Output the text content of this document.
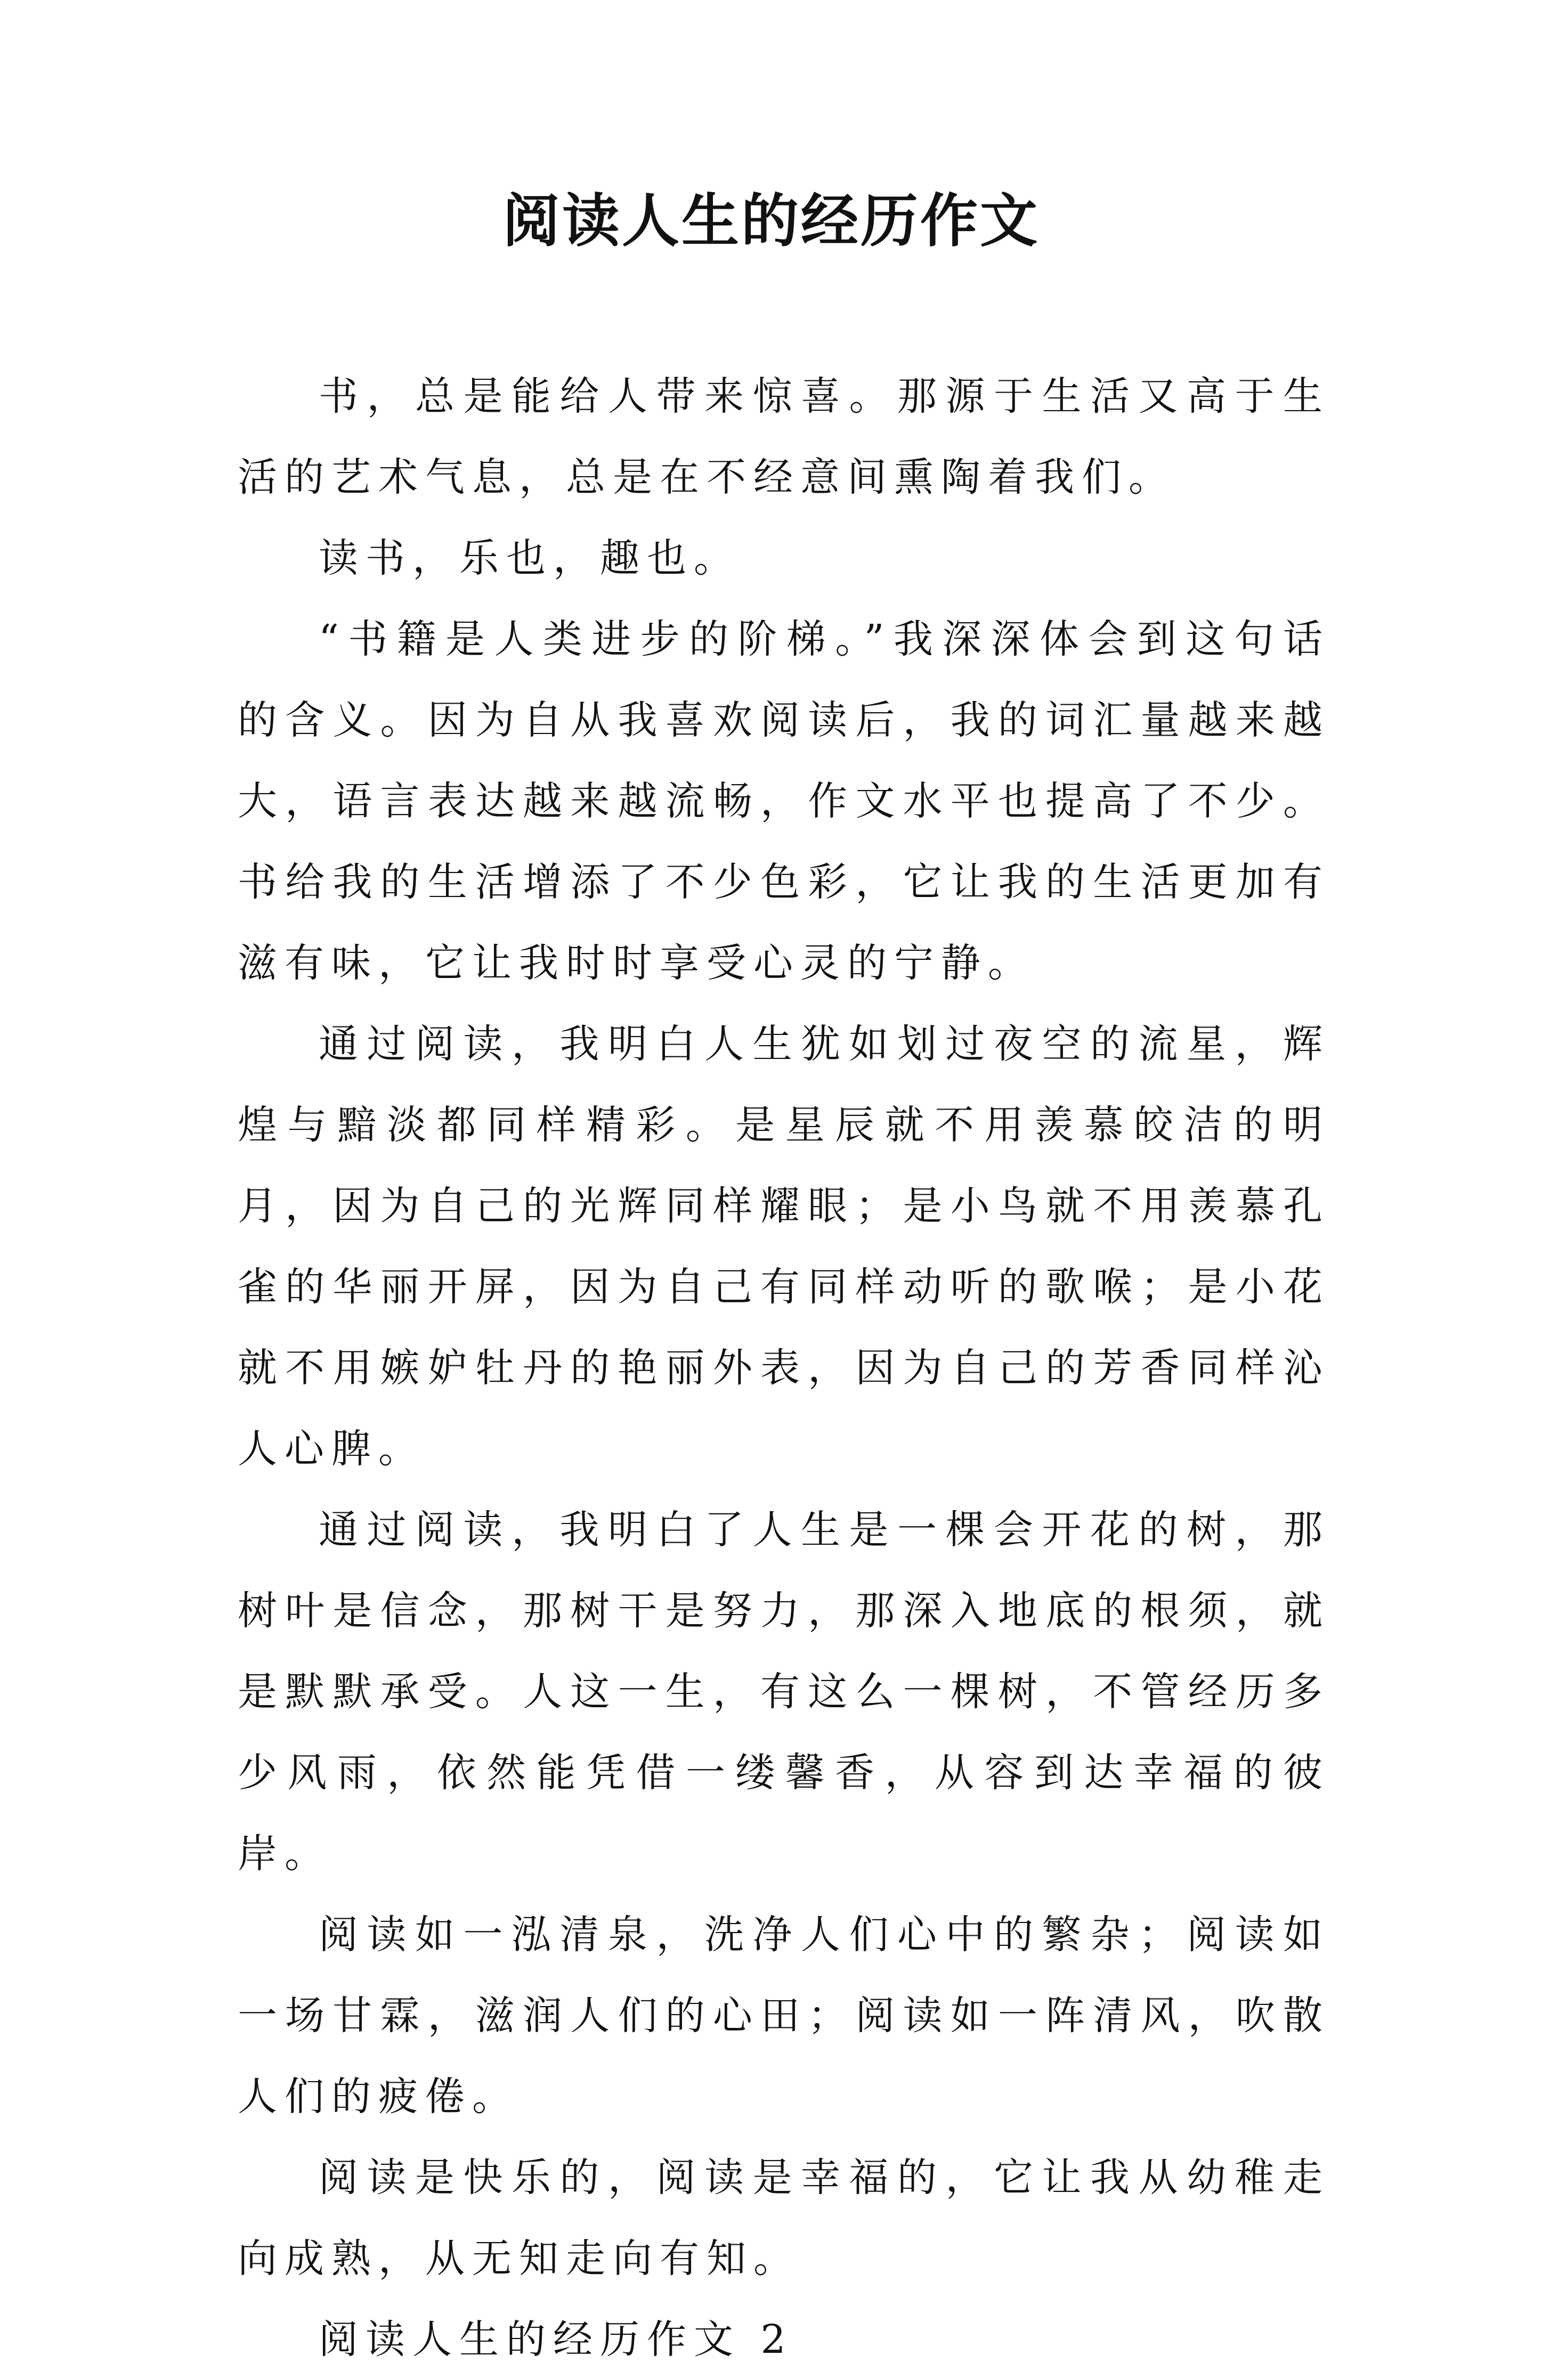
阅读人生的经历作文

书，总是能给人带来惊喜。那源于生活又高于生活的艺术气息，总是在不经意间熏陶着我们。

读书，乐也，趣也。

“书籍是人类进步的阶梯。”我深深体会到这句话的含义。因为自从我喜欢阅读后，我的词汇量越来越大，语言表达越来越流畅，作文水平也提高了不少。书给我的生活增添了不少色彩，它让我的生活更加有滋有味，它让我时时享受心灵的宁静。

通过阅读，我明白人生犹如划过夜空的流星，辉煌与黯淡都同样精彩。是星辰就不用羡慕皎洁的明月，因为自己的光辉同样耀眼；是小鸟就不用羡慕孔雀的华丽开屏，因为自己有同样动听的歌喉；是小花就不用嫉妒牡丹的艳丽外表，因为自己的芳香同样沁人心脾。

通过阅读，我明白了人生是一棵会开花的树，那树叶是信念，那树干是努力，那深入地底的根须，就是默默承受。人这一生，有这么一棵树，不管经历多少风雨，依然能凭借一缕馨香，从容到达幸福的彼岸。

阅读如一泓清泉，洗净人们心中的繁杂；阅读如一场甘霖，滋润人们的心田；阅读如一阵清风，吹散人们的疲倦。

阅读是快乐的，阅读是幸福的，它让我从幼稚走向成熟，从无知走向有知。

阅读人生的经历作文 2
